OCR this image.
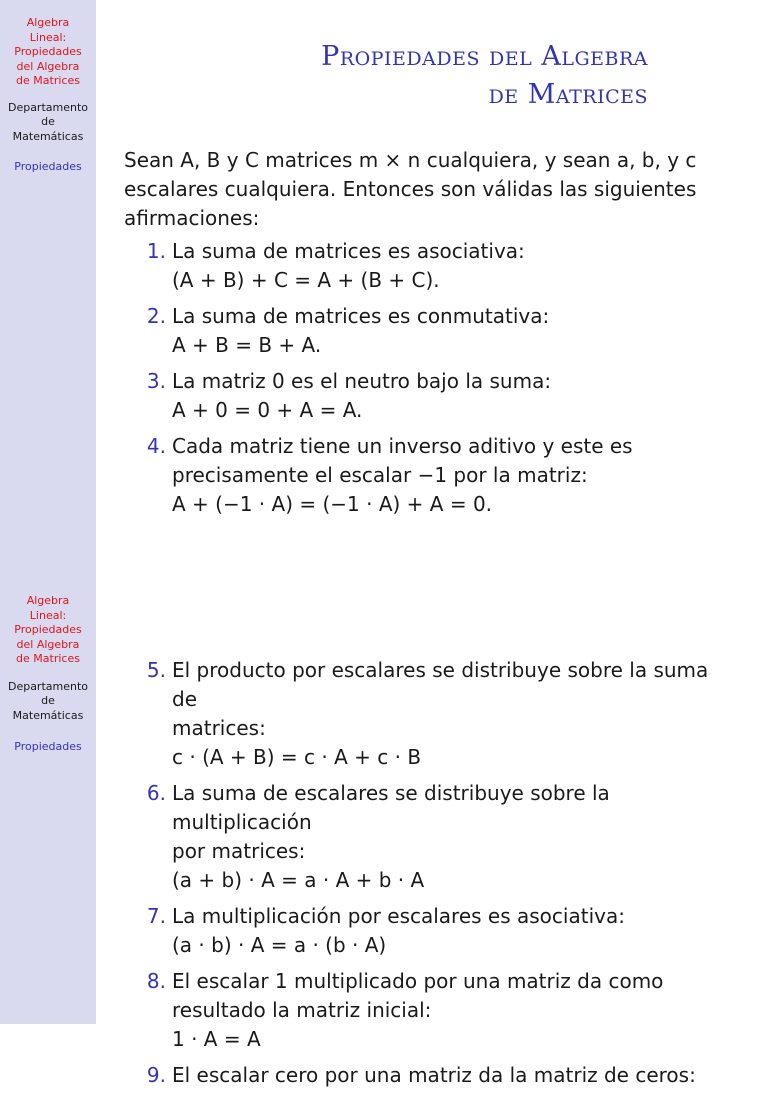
Algebra
Lineal:
Propiedades
del Algebra
de Matrices
Departamento
de
Matemáticas
Propiedades
Propiedades del Algebra
de Matrices

Sean A, B y C matrices m × n cualquiera, y sean a, b, y c
escalares cualquiera. Entonces son válidas las siguientes
afirmaciones:

1. La suma de matrices es asociativa:
(A + B) + C = A + (B + C).
2. La suma de matrices es conmutativa:
A + B = B + A.
3. La matriz 0 es el neutro bajo la suma:
A + 0 = 0 + A = A.
4. Cada matriz tiene un inverso aditivo y este es
precisamente el escalar −1 por la matriz:
A + (−1 · A) = (−1 · A) + A = 0.
Algebra
Lineal:
Propiedades
del Algebra
de Matrices
Departamento
de
Matemáticas
Propiedades
5. El producto por escalares se distribuye sobre la suma de
matrices:
c · (A + B) = c · A + c · B
6. La suma de escalares se distribuye sobre la multiplicación
por matrices:
(a + b) · A = a · A + b · A
7. La multiplicación por escalares es asociativa:
(a · b) · A = a · (b · A)
8. El escalar 1 multiplicado por una matriz da como
resultado la matriz inicial:
1 · A = A
9. El escalar cero por una matriz da la matriz de ceros:
